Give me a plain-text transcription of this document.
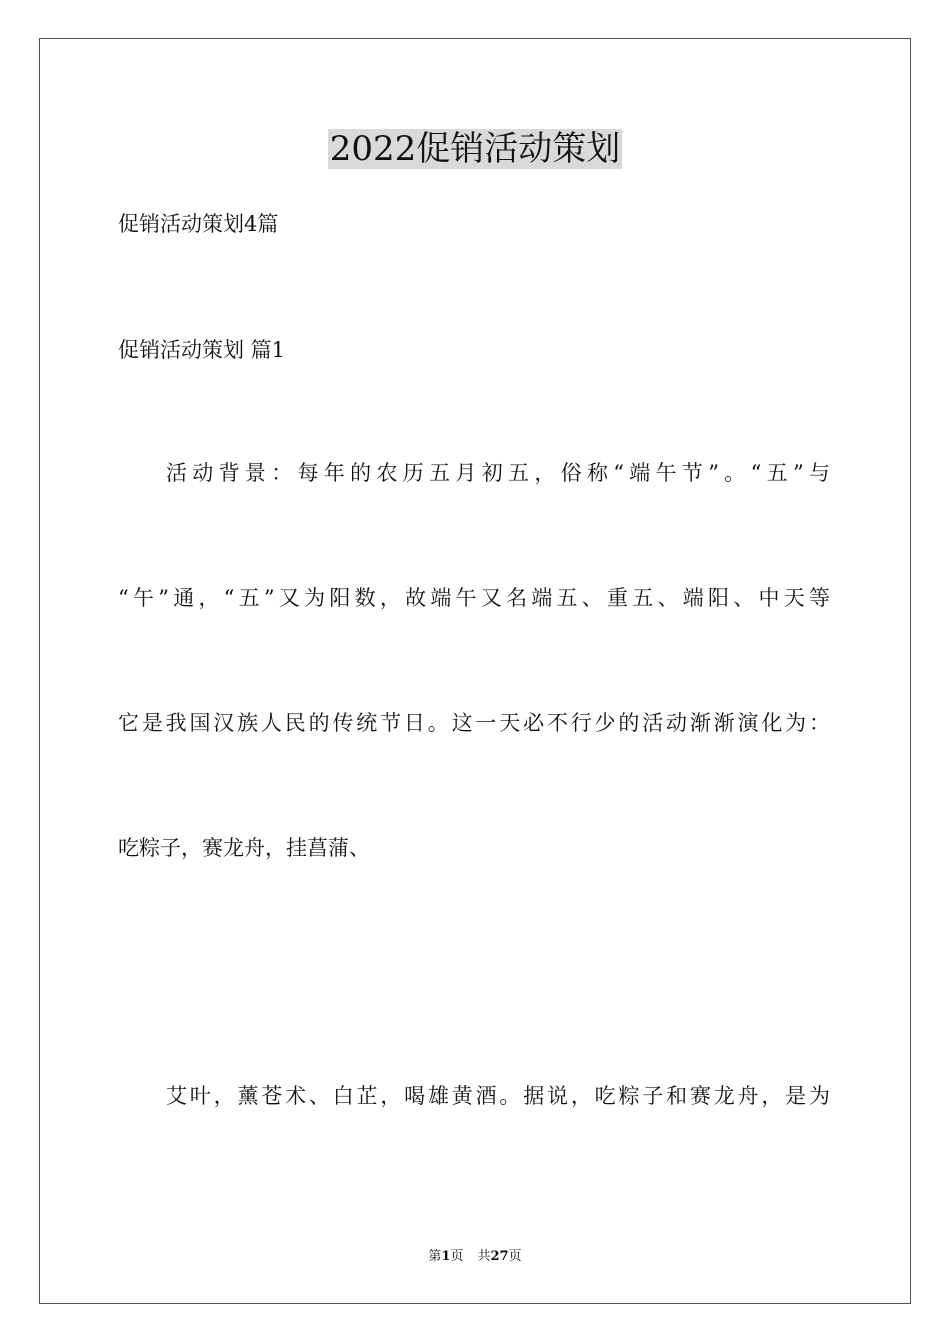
2022促销活动策划
促销活动策划4篇
促销活动策划 篇1
活动背景：每年的农历五月初五，俗称“端午节”。“五”与
“午”通，“五”又为阳数，故端午又名端五、重五、端阳、中天等
它是我国汉族人民的传统节日。这一天必不行少的活动渐渐演化为：
吃粽子，赛龙舟，挂菖蒲、
艾叶，薰苍术、白芷，喝雄黄酒。据说，吃粽子和赛龙舟，是为
第1页 共27页
